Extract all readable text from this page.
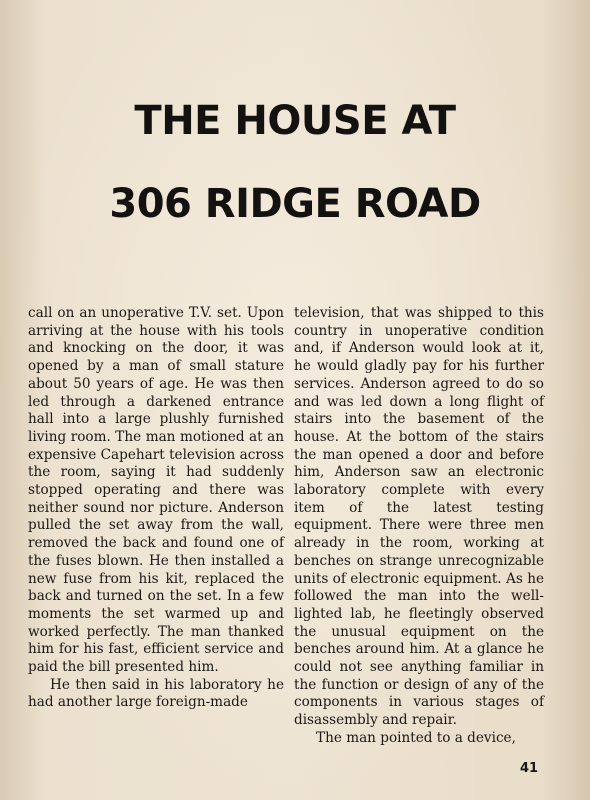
THE HOUSE AT
306 RIDGE ROAD

call on an unoperative T.V. set. Upon arriving at the house with his tools and knocking on the door, it was opened by a man of small stature about 50 years of age. He was then led through a darkened entrance hall into a large plushly furnished living room. The man motioned at an expensive Capehart television across the room, saying it had suddenly stopped operating and there was neither sound nor picture. Anderson pulled the set away from the wall, removed the back and found one of the fuses blown. He then installed a new fuse from his kit, replaced the back and turned on the set. In a few moments the set warmed up and worked perfectly. The man thanked him for his fast, efficient service and paid the bill presented him.

He then said in his laboratory he had another large foreign-made

television, that was shipped to this country in unoperative condition and, if Anderson would look at it, he would gladly pay for his further services. Anderson agreed to do so and was led down a long flight of stairs into the basement of the house. At the bottom of the stairs the man opened a door and before him, Anderson saw an electronic laboratory complete with every item of the latest testing equipment. There were three men already in the room, working at benches on strange unrecognizable units of electronic equipment. As he followed the man into the well-lighted lab, he fleetingly observed the unusual equipment on the benches around him. At a glance he could not see anything familiar in the function or design of any of the components in various stages of disassembly and repair.

The man pointed to a device,

41
